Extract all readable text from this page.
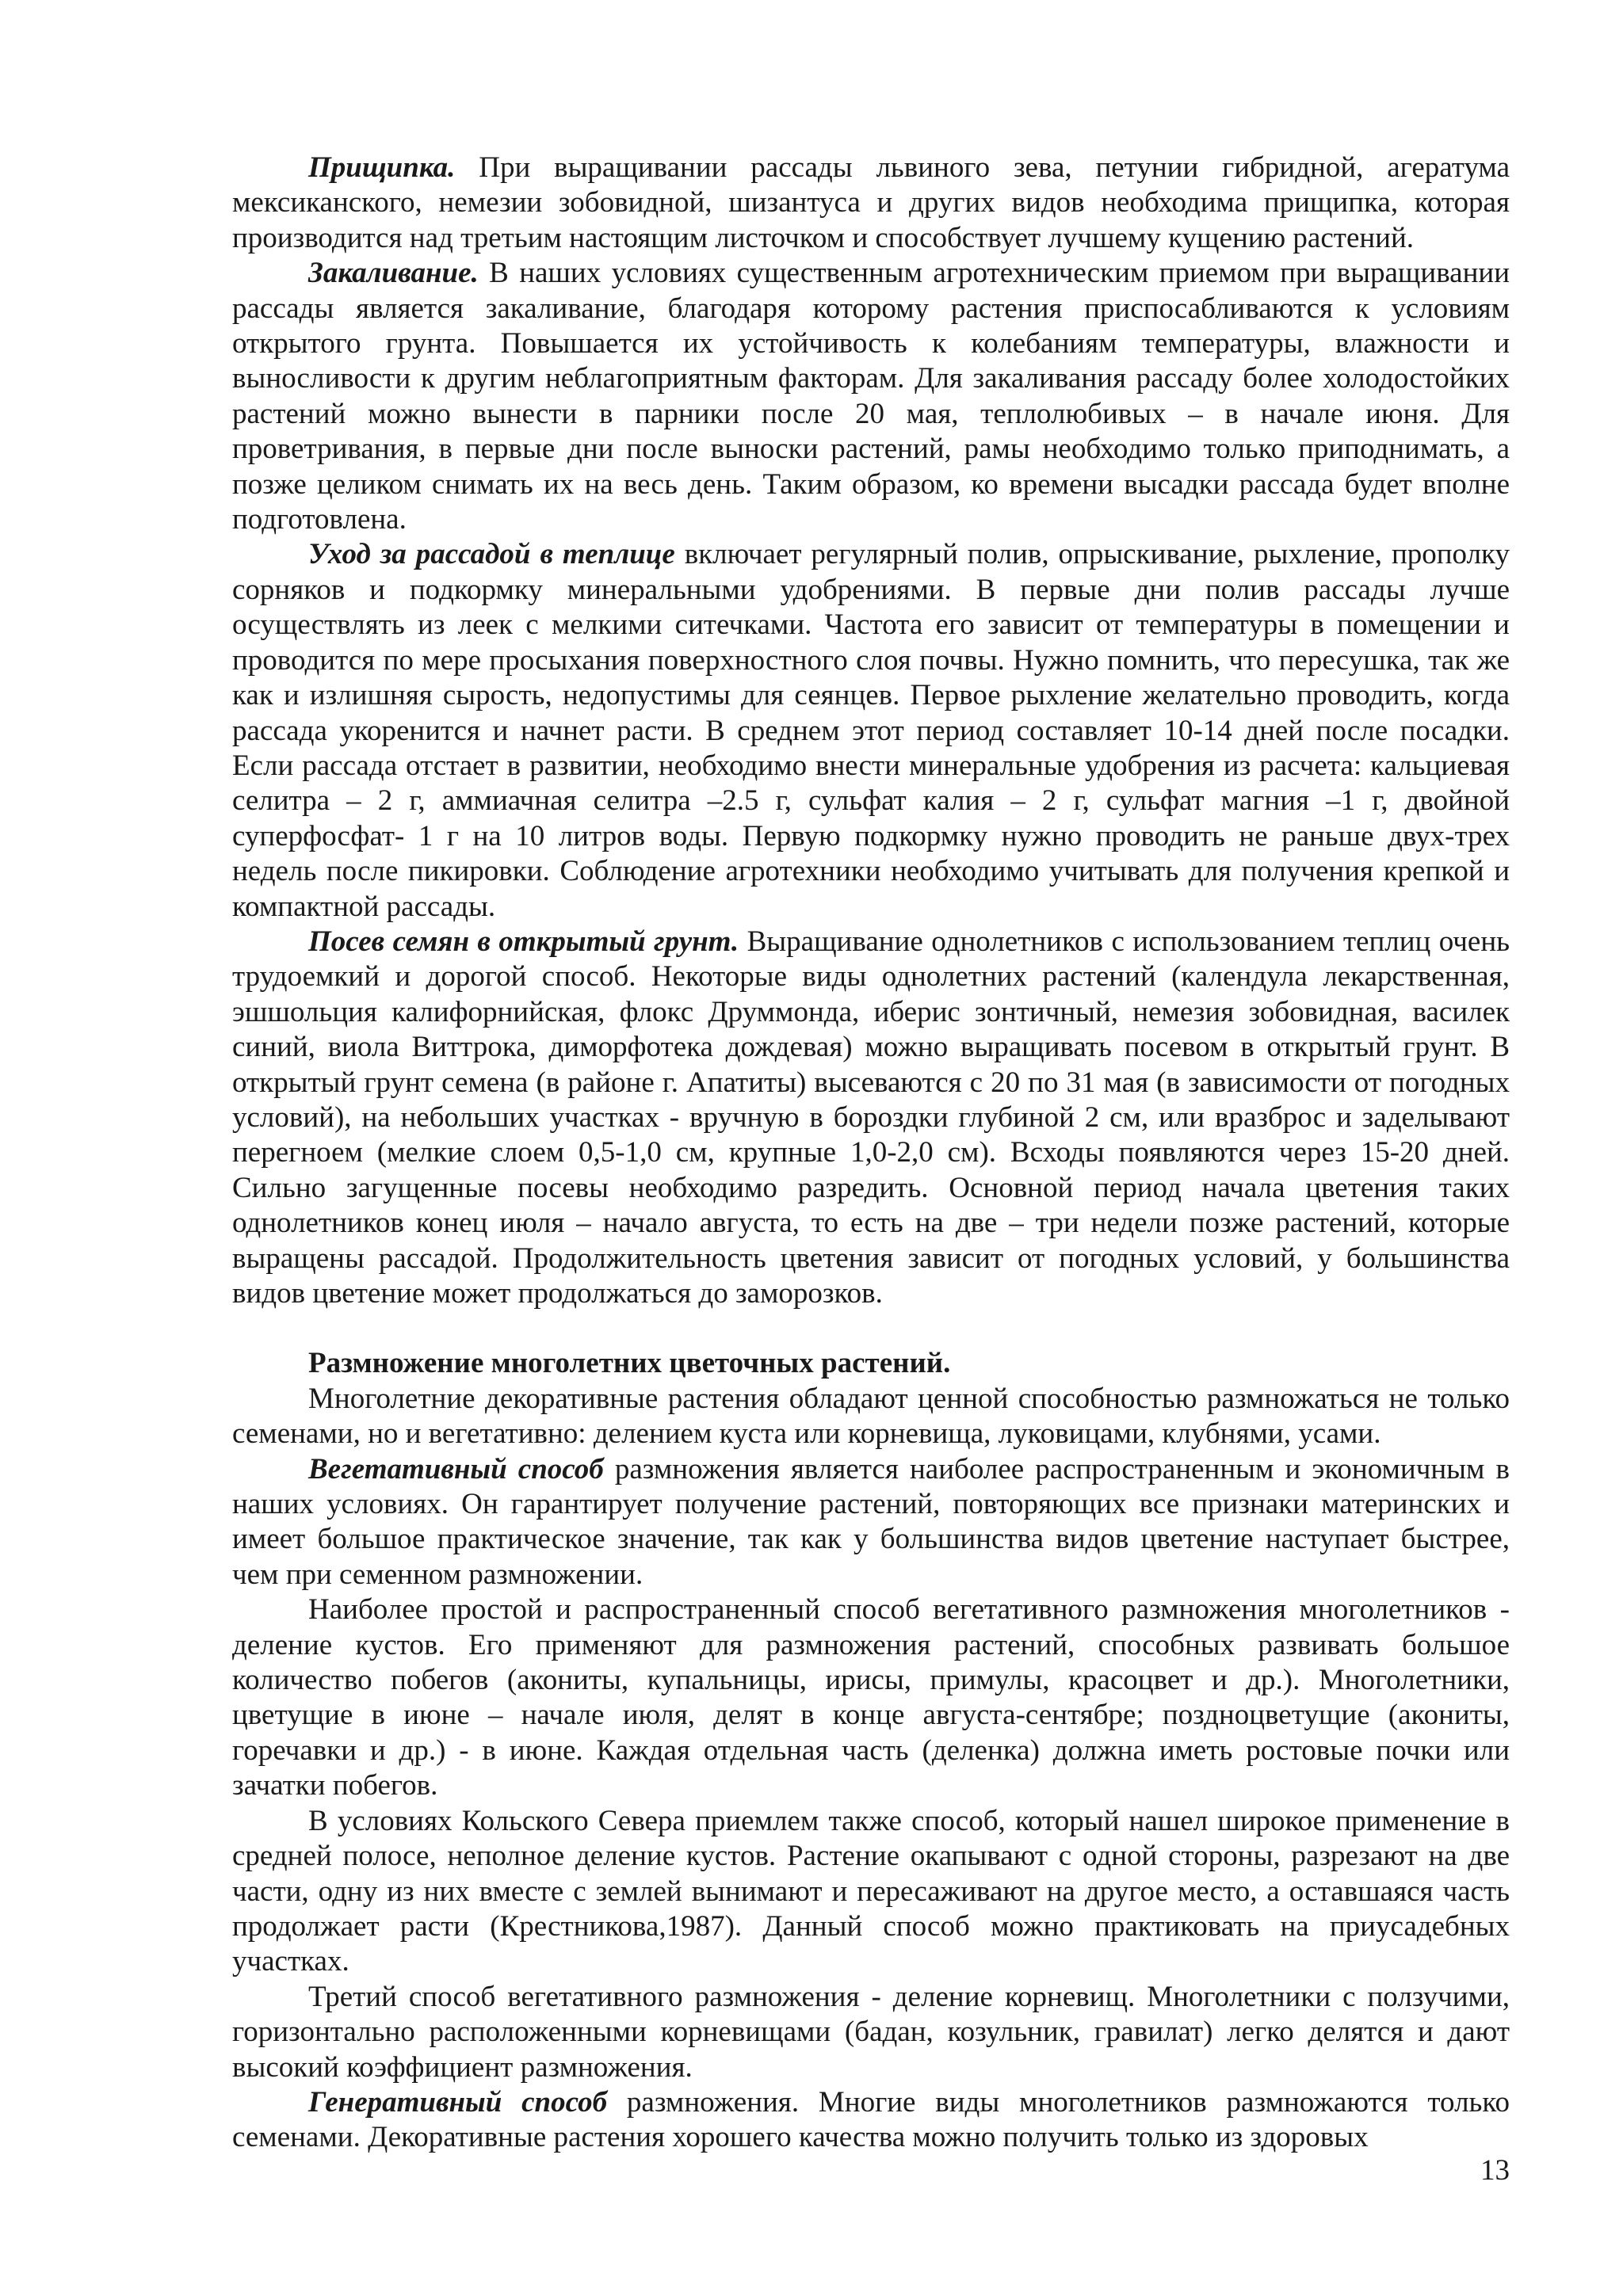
Прищипка. При выращивании рассады львиного зева, петунии гибридной, агератума мексиканского, немезии зобовидной, шизантуса и других видов необходима прищипка, которая производится над третьим настоящим листочком и способствует лучшему кущению растений.

Закаливание. В наших условиях существенным агротехническим приемом при выращивании рассады является закаливание, благодаря которому растения приспосабливаются к условиям открытого грунта. Повышается их устойчивость к колебаниям температуры, влажности и выносливости к другим неблагоприятным факторам. Для закаливания рассаду более холодостойких растений можно вынести в парники после 20 мая, теплолюбивых – в начале июня. Для проветривания, в первые дни после выноски растений, рамы необходимо только приподнимать, а позже целиком снимать их на весь день. Таким образом, ко времени высадки рассада будет вполне подготовлена.

Уход за рассадой в теплице включает регулярный полив, опрыскивание, рыхление, прополку сорняков и подкормку минеральными удобрениями. В первые дни полив рассады лучше осуществлять из леек с мелкими ситечками. Частота его зависит от температуры в помещении и проводится по мере просыхания поверхностного слоя почвы. Нужно помнить, что пересушка, так же как и излишняя сырость, недопустимы для сеянцев. Первое рыхление желательно проводить, когда рассада укоренится и начнет расти. В среднем этот период составляет 10-14 дней после посадки. Если рассада отстает в развитии, необходимо внести минеральные удобрения из расчета: кальциевая селитра – 2 г, аммиачная селитра –2.5 г, сульфат калия – 2 г, сульфат магния –1 г, двойной суперфосфат- 1 г на 10 литров воды. Первую подкормку нужно проводить не раньше двух-трех недель после пикировки. Соблюдение агротехники необходимо учитывать для получения крепкой и компактной рассады.

Посев семян в открытый грунт. Выращивание однолетников с использованием теплиц очень трудоемкий и дорогой способ. Некоторые виды однолетних растений (календула лекарственная, эшшольция калифорнийская, флокс Друммонда, иберис зонтичный, немезия зобовидная, василек синий, виола Виттрока, диморфотека дождевая) можно выращивать посевом в открытый грунт. В открытый грунт семена (в районе г. Апатиты) высеваются с 20 по 31 мая (в зависимости от погодных условий), на небольших участках - вручную в бороздки глубиной 2 см, или вразброс и заделывают перегноем (мелкие слоем 0,5-1,0 см, крупные 1,0-2,0 см). Всходы появляются через 15-20 дней. Сильно загущенные посевы необходимо разредить. Основной период начала цветения таких однолетников конец июля – начало августа, то есть на две – три недели позже растений, которые выращены рассадой. Продолжительность цветения зависит от погодных условий, у большинства видов цветение может продолжаться до заморозков.

Размножение многолетних цветочных растений.

Многолетние декоративные растения обладают ценной способностью размножаться не только семенами, но и вегетативно: делением куста или корневища, луковицами, клубнями, усами.

Вегетативный способ размножения является наиболее распространенным и экономичным в наших условиях. Он гарантирует получение растений, повторяющих все признаки материнских и имеет большое практическое значение, так как у большинства видов цветение наступает быстрее, чем при семенном размножении.

Наиболее простой и распространенный способ вегетативного размножения многолетников - деление кустов. Его применяют для размножения растений, способных развивать большое количество побегов (акониты, купальницы, ирисы, примулы, красоцвет и др.). Многолетники, цветущие в июне – начале июля, делят в конце августа-сентябре; поздноцветущие (акониты, горечавки и др.) - в июне. Каждая отдельная часть (деленка) должна иметь ростовые почки или зачатки побегов.

В условиях Кольского Севера приемлем также способ, который нашел широкое применение в средней полосе, неполное деление кустов. Растение окапывают с одной стороны, разрезают на две части, одну из них вместе с землей вынимают и пересаживают на другое место, а оставшаяся часть продолжает расти (Крестникова,1987). Данный способ можно практиковать на приусадебных участках.

Третий способ вегетативного размножения - деление корневищ. Многолетники с ползучими, горизонтально расположенными корневищами (бадан, козульник, гравилат) легко делятся и дают высокий коэффициент размножения.

Генеративный способ размножения. Многие виды многолетников размножаются только семенами. Декоративные растения хорошего качества можно получить только из здоровых

13
